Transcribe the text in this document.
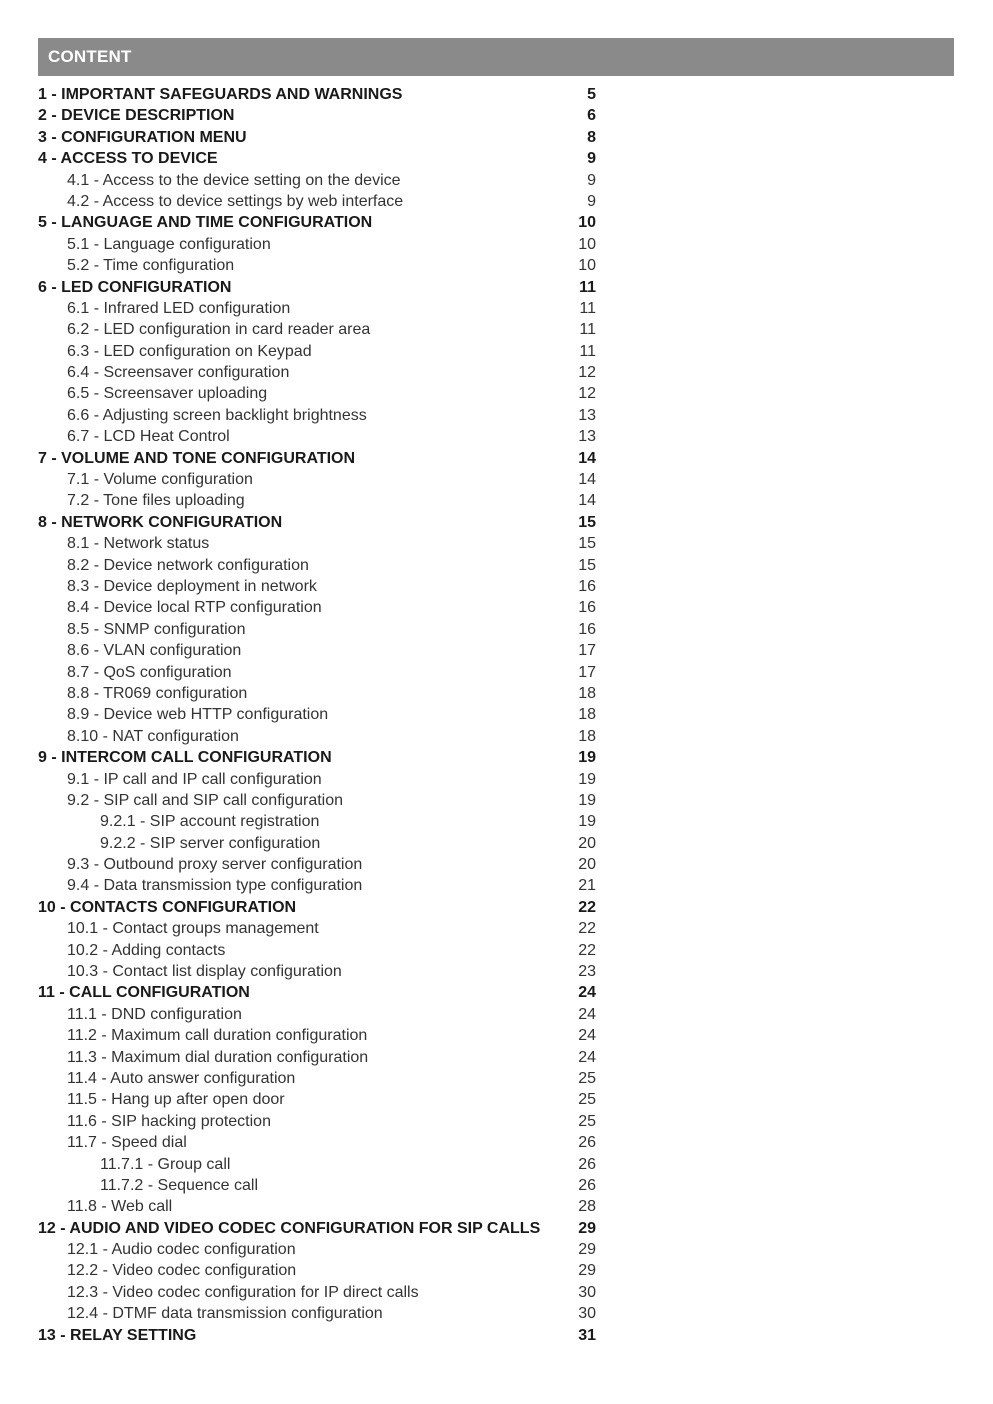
CONTENT
1 - IMPORTANT SAFEGUARDS AND WARNINGS	5
2 - DEVICE DESCRIPTION	6
3 - CONFIGURATION MENU	8
4 - ACCESS TO DEVICE	9
4.1 - Access to the device setting on the device	9
4.2 - Access to device settings by web interface	9
5 - LANGUAGE AND TIME CONFIGURATION	10
5.1 - Language configuration	10
5.2 - Time configuration	10
6 - LED CONFIGURATION	11
6.1 - Infrared LED configuration	11
6.2 - LED configuration in card reader area	11
6.3 - LED configuration on Keypad	11
6.4 - Screensaver configuration	12
6.5 - Screensaver uploading	12
6.6 - Adjusting screen backlight brightness	13
6.7 - LCD Heat Control	13
7 - VOLUME AND TONE CONFIGURATION	14
7.1 - Volume configuration	14
7.2 - Tone files uploading	14
8 - NETWORK CONFIGURATION	15
8.1 - Network status	15
8.2 - Device network configuration	15
8.3 - Device deployment in network	16
8.4 - Device local RTP configuration	16
8.5 - SNMP configuration	16
8.6 - VLAN configuration	17
8.7 - QoS configuration	17
8.8 - TR069 configuration	18
8.9 - Device web HTTP configuration	18
8.10 - NAT configuration	18
9 - INTERCOM CALL CONFIGURATION	19
9.1 - IP call and IP call configuration	19
9.2 - SIP call and SIP call configuration	19
9.2.1 - SIP account registration	19
9.2.2 - SIP server configuration	20
9.3 - Outbound proxy server configuration	20
9.4 - Data transmission type configuration	21
10 - CONTACTS CONFIGURATION	22
10.1 - Contact groups management	22
10.2 - Adding contacts	22
10.3 - Contact list display configuration	23
11 - CALL CONFIGURATION	24
11.1 - DND configuration	24
11.2 - Maximum call duration configuration	24
11.3 - Maximum dial duration configuration	24
11.4 - Auto answer configuration	25
11.5 - Hang up after open door	25
11.6 - SIP hacking protection	25
11.7 - Speed dial	26
11.7.1 - Group call	26
11.7.2 - Sequence call	26
11.8 - Web call	28
12 - AUDIO AND VIDEO CODEC CONFIGURATION FOR SIP CALLS 29
12.1 - Audio codec configuration	29
12.2 - Video codec configuration	29
12.3 - Video codec configuration for IP direct calls	30
12.4 - DTMF data transmission configuration	30
13 - RELAY SETTING	31
